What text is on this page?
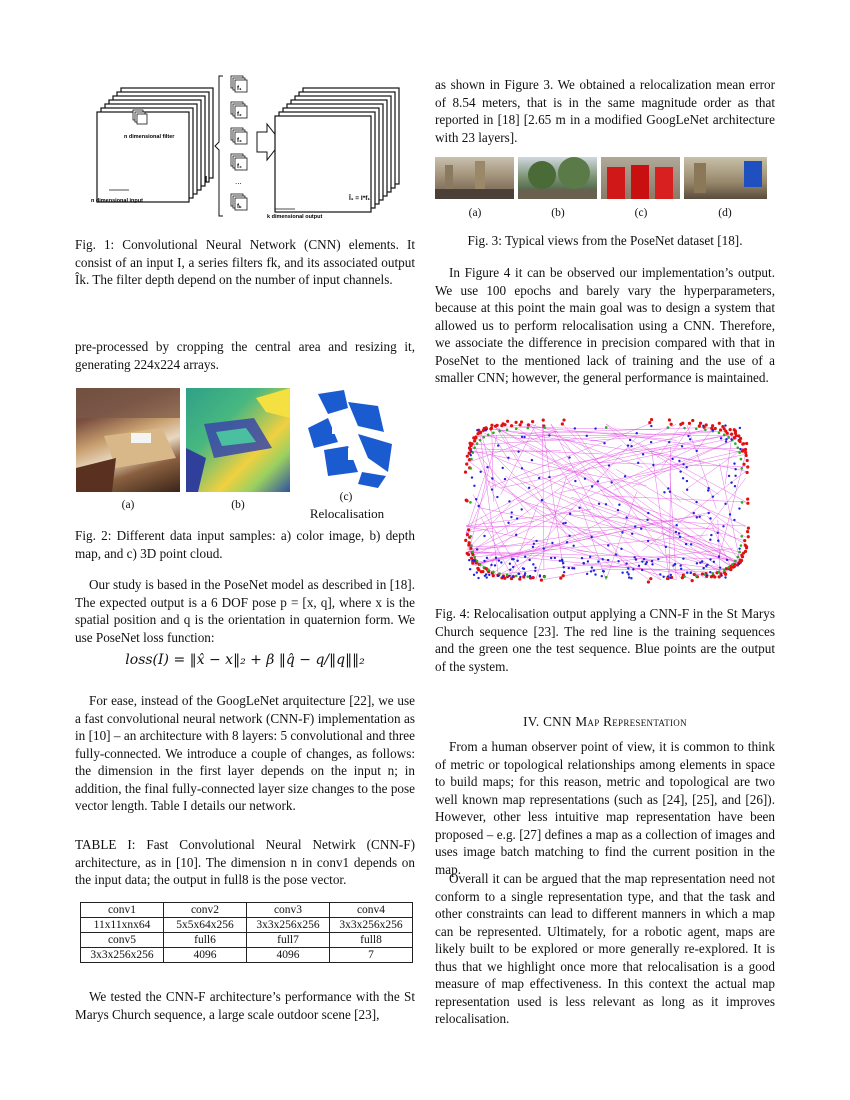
n dimensional filter
n dimensional input
I
f₁
f₂
f₃
f₄
...
fₖ
Î₁ = I*f₁
k dimensional output
Fig. 1: Convolutional Neural Network (CNN) elements. It consist of an input I, a series filters fk, and its associated output Îk. The filter depth depend on the number of input channels.
pre-processed by cropping the central area and resizing it, generating 224x224 arrays.
(a)	(b)
(c)
Relocalisation
Fig. 2: Different data input samples: a) color image, b) depth map, and c) 3D point cloud.
Our study is based in the PoseNet model as described in [18]. The expected output is a 6 DOF pose p = [x, q], where x is the spatial position and q is the orientation in quaternion form. We use PoseNet loss function:
loss(I) = ‖x̂ − x‖₂ + β ‖q̂ − q/‖q‖‖₂
For ease, instead of the GoogLeNet arquitecture [22], we use a fast convolutional neural network (CNN-F) implementation as in [10] – an architecture with 8 layers: 5 convolutional and three fully-connected. We introduce a couple of changes, as follows: the dimension in the first layer depends on the input n; in addition, the final fully-connected layer size changes to the pose vector length. Table I details our network.
TABLE I: Fast Convolutional Neural Netwirk (CNN-F) architecture, as in [10]. The dimension n in conv1 depends on the input data; the output in full8 is the pose vector.
conv1	conv2	conv3	conv4
11x11xnx64	5x5x64x256	3x3x256x256	3x3x256x256
conv5	full6	full7	full8
3x3x256x256	4096	4096	7
We tested the CNN-F architecture’s performance with the St Marys Church sequence, a large scale outdoor scene [23],
as shown in Figure 3. We obtained a relocalization mean error of 8.54 meters, that is in the same magnitude order as that reported in [18] [2.65 m in a modified GoogLeNet architecture with 23 layers].
(a)	(b)	(c)	(d)
Fig. 3: Typical views from the PoseNet dataset [18].
In Figure 4 it can be observed our implementation’s output. We use 100 epochs and barely vary the hyperparameters, because at this point the main goal was to design a system that allowed us to perform relocalisation using a CNN. Therefore, we associate the difference in precision compared with that in PoseNet to the mentioned lack of training and the use of a smaller CNN; however, the general performance is maintained.
Fig. 4: Relocalisation output applying a CNN-F in the St Marys Church sequence [23]. The red line is the training sequences and the green one the test sequence. Blue points are the output of the system.
IV. CNN Map Representation
From a human observer point of view, it is common to think of metric or topological relationships among elements in space to build maps; for this reason, metric and topological are two well known map representations (such as [24], [25], and [26]). However, other less intuitive map representation have been proposed – e.g. [27] defines a map as a collection of images and uses image batch matching to find the current position in the map.
Overall it can be argued that the map representation need not conform to a single representation type, and that the task and other constraints can lead to different manners in which a map can be represented. Ultimately, for a robotic agent, maps are likely built to be explored or more generally re-explored. It is thus that we highlight once more that relocalisation is a good measure of map effectiveness. In this context the actual map representation used is less relevant as long as it improves relocalisation.
